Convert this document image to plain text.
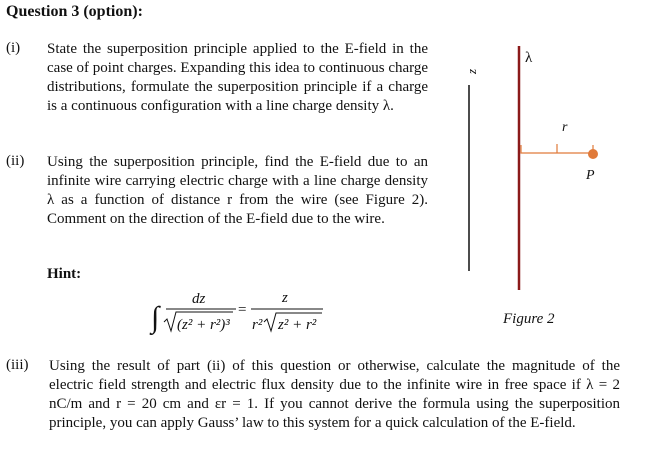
Question 3 (option):
(i) State the superposition principle applied to the E-field in the case of point charges. Expanding this idea to continuous charge distributions, formulate the superposition principle if a charge is a continuous configuration with a line charge density λ.
(ii) Using the superposition principle, find the E-field due to an infinite wire carrying electric charge with a line charge density λ as a function of distance r from the wire (see Figure 2). Comment on the direction of the E-field due to the wire.
Hint:
∫
dz
(z² + r²)³
=
z
r² z² + r²
z
λ
r
P
Figure 2
(iii) Using the result of part (ii) of this question or otherwise, calculate the magnitude of the electric field strength and electric flux density due to the infinite wire in free space if λ = 2 nC/m and r = 20 cm and εr = 1. If you cannot derive the formula using the superposition principle, you can apply Gauss’ law to this system for a quick calculation of the E-field.
